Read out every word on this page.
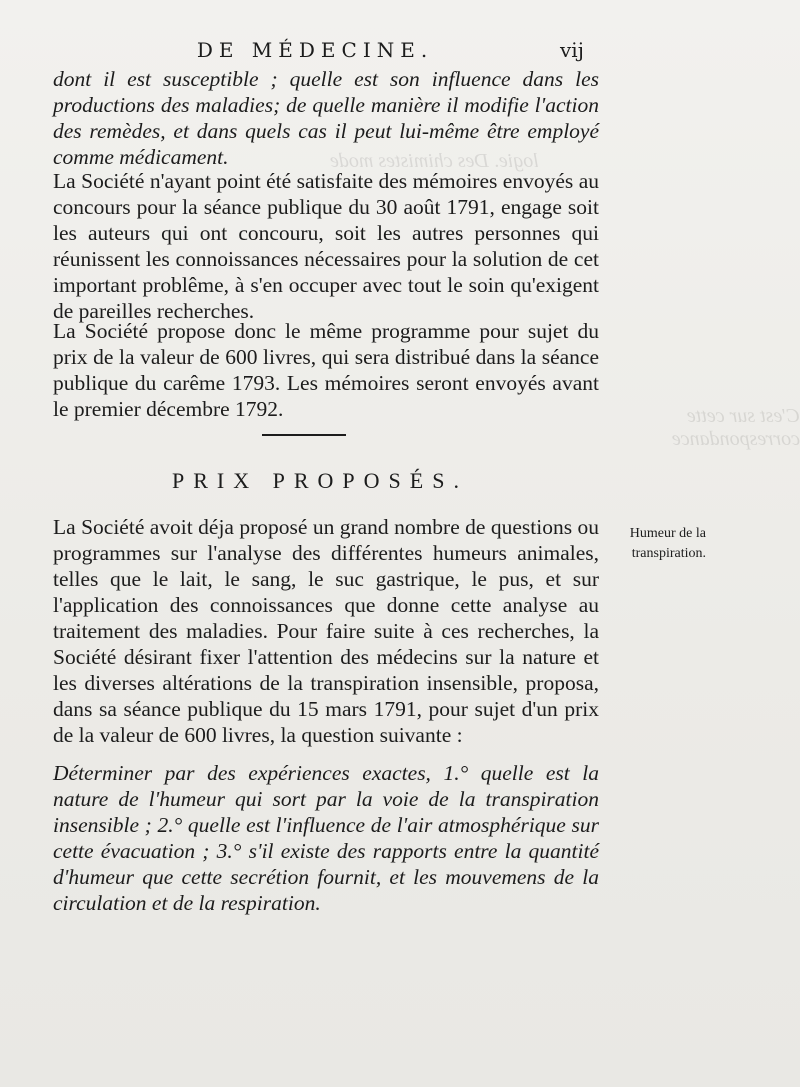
logie. Des chimistes mode
C'est sur cette correspondance
DE MÉDECINE.	vij

dont il est susceptible ; quelle est son influence dans les productions des maladies; de quelle manière il modifie l'action des remèdes, et dans quels cas il peut lui-même être employé comme médicament.

La Société n'ayant point été satisfaite des mémoires envoyés au concours pour la séance publique du 30 août 1791, engage soit les auteurs qui ont concouru, soit les autres personnes qui réunissent les connoissances nécessaires pour la solution de cet important problême, à s'en occuper avec tout le soin qu'exigent de pareilles recherches.

La Société propose donc le même programme pour sujet du prix de la valeur de 600 livres, qui sera distribué dans la séance publique du carême 1793. Les mémoires seront envoyés avant le premier décembre 1792.

PRIX PROPOSÉS.

La Société avoit déja proposé un grand nombre de questions ou programmes sur l'analyse des différentes humeurs animales, telles que le lait, le sang, le suc gastrique, le pus, et sur l'application des connoissances que donne cette analyse au traitement des maladies. Pour faire suite à ces recherches, la Société désirant fixer l'attention des médecins sur la nature et les diverses altérations de la transpiration insensible, proposa, dans sa séance publique du 15 mars 1791, pour sujet d'un prix de la valeur de 600 livres, la question suivante :

Humeur de la transpiration.

Déterminer par des expériences exactes, 1.° quelle est la nature de l'humeur qui sort par la voie de la transpiration insensible ; 2.° quelle est l'influence de l'air atmosphérique sur cette évacuation ; 3.° s'il existe des rapports entre la quantité d'humeur que cette secrétion fournit, et les mouvemens de la circulation et de la respiration.
